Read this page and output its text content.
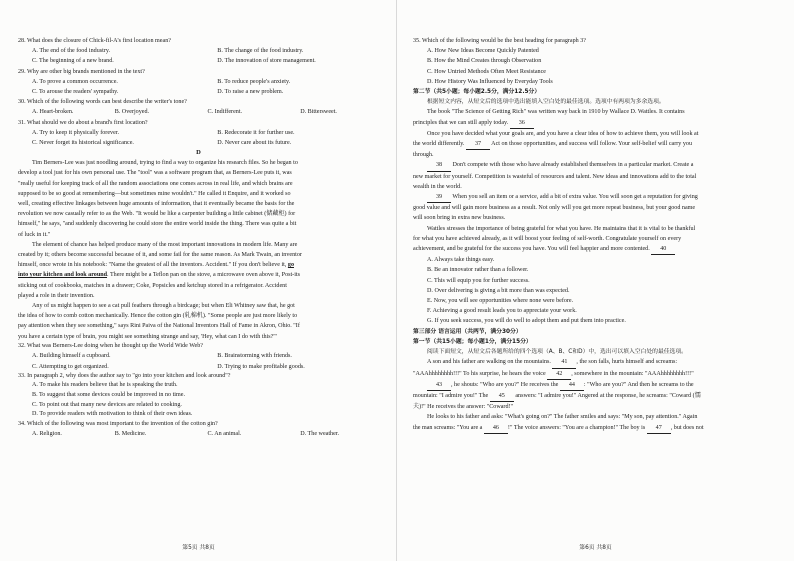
28. What does the closure of Chick-fil-A's first location mean?
A. The end of the food industry.	B. The change of the food industry.
C. The beginning of a new brand.	D. The innovation of store management.
29. Why are other big brands mentioned in the text?
A. To prove a common occurrence.	B. To reduce people's anxiety.
C. To arouse the readers' sympathy.	D. To raise a new problem.
30. Which of the following words can best describe the writer's tone?
A. Heart-broken.	B. Overjoyed.	C. Indifferent.	D. Bittersweet.
31. What should we do about a brand's first location?
A. Try to keep it physically forever.	B. Redecorate it for further use.
C. Never forget its historical significance.	D. Never care about its future.
D
Tim Berners-Lee was just noodling around, trying to find a way to organize his research files. So he began to
develop a tool just for his own personal use. The "tool" was a software program that, as Berners-Lee puts it, was
"really useful for keeping track of all the random associations one comes across in real life, and which brains are
supposed to be so good at remembering—but sometimes mine wouldn't." He called it Enquire, and it worked so
well, creating effective linkages between huge amounts of information, that it eventually became the basis for the
revolution we now casually refer to as the Web. "It would be like a carpenter building a little cabinet (储藏柜) for
himself," he says, "and suddenly discovering he could store the entire world inside the thing. There was quite a bit
of luck in it."
The element of chance has helped produce many of the most important innovations in modern life. Many are
created by it; others become successful because of it, and some fail for the same reason. As Mark Twain, an inventor
himself, once wrote in his notebook: "Name the greatest of all the inventors. Accident." If you don't believe it, go
into your kitchen and look around. There might be a Teflon pan on the stove, a microwave oven above it, Post-its
sticking out of cookbooks, matches in a drawer; Coke, Popsicles and ketchup stored in a refrigerator. Accident
played a role in their invention.
Any of us might happen to see a cat pull feathers through a birdcage; but when Eli Whitney saw that, he got
the idea of how to comb cotton mechanically. Hence the cotton gin (轧棉机). "Some people are just more likely to
pay attention when they see something," says Rini Paiva of the National Inventors Hall of Fame in Akron, Ohio. "If
you have a certain type of brain, you might see something strange and say, 'Hey, what can I do with this?'"
32. What was Berners-Lee doing when he thought up the World Wide Web?
A. Building himself a cupboard.	B. Brainstorming with friends.
C. Attempting to get organized.	D. Trying to make profitable goods.
33. In paragraph 2, why does the author say to "go into your kitchen and look around"?
A. To make his readers believe that he is speaking the truth.
B. To suggest that some devices could be improved in no time.
C. To point out that many new devices are related to cooking.
D. To provide readers with motivation to think of their own ideas.
34. Which of the following was most important to the invention of the cotton gin?
A. Religion.	B. Medicine.	C. An animal.	D. The weather.
第5页 共8页
35. Which of the following would be the best heading for paragraph 3?
A. How New Ideas Become Quickly Patented
B. How the Mind Creates through Observation
C. How Untried Methods Often Meet Resistance
D. How History Was Influenced by Everyday Tools
第二节（共5小题；每小题2.5分，满分12.5分）
根据短文内容，从短文后的选项中选出能填入空白处的最佳选项。选项中有两项为多余选项。
The book "The Science of Getting Rich" was written way back in 1910 by Wallace D. Wattles. It contains
principles that we can still apply today. 36
Once you have decided what your goals are, and you have a clear idea of how to achieve them, you will look at
the world differently. 37 Act on those opportunities, and success will follow. Your self-belief will carry you
through.
38 Don't compete with those who have already established themselves in a particular market. Create a
new market for yourself. Competition is wasteful of resources and talent. New ideas and innovations add to the total
wealth in the world.
39 When you sell an item or a service, add a bit of extra value. You will soon get a reputation for giving
good value and will gain more business as a result. Not only will you get more repeat business, but your good name
will soon bring in extra new business.
Wattles stresses the importance of being grateful for what you have. He maintains that it is vital to be thankful
for what you have achieved already, as it will boost your feeling of self-worth. Congratulate yourself on every
achievement, and be grateful for the success you have. You will feel happier and more contented. 40
A. Always take things easy.
B. Be an innovator rather than a follower.
C. This will equip you for further success.
D. Over delivering is giving a bit more than was expected.
E. Now, you will see opportunities where none were before.
F. Achieving a good result leads you to appreciate your work.
G. If you seek success, you will do well to adopt them and put them into practice.
第三部分 语言运用（共两节，满分30分）
第一节（共15小题；每小题1分，满分15分）
阅读下面短文，从短文后各题所给的四个选项（A、B、C和D）中，选出可以填入空白处的最佳选项。
A son and his father are walking on the mountains. 41 , the son falls, hurts himself and screams:
"AAAhhhhhhhh!!!" To his surprise, he hears the voice 42 , somewhere in the mountain: "AAAhhhhhhhh!!!"
43 , he shouts: "Who are you?" He receives the 44 : "Who are you?" And then he screams to the
mountain: "I admire you!" The 45 answers: "I admire you!" Angered at the response, he screams: "Coward (懦
夫)!" He receives the answer: "Coward!"
He looks to his father and asks: "What's going on?" The father smiles and says: "My son, pay attention." Again
the man screams: "You are a 46 !" The voice answers: "You are a champion!" The boy is 47 , but does not
第6页 共8页
